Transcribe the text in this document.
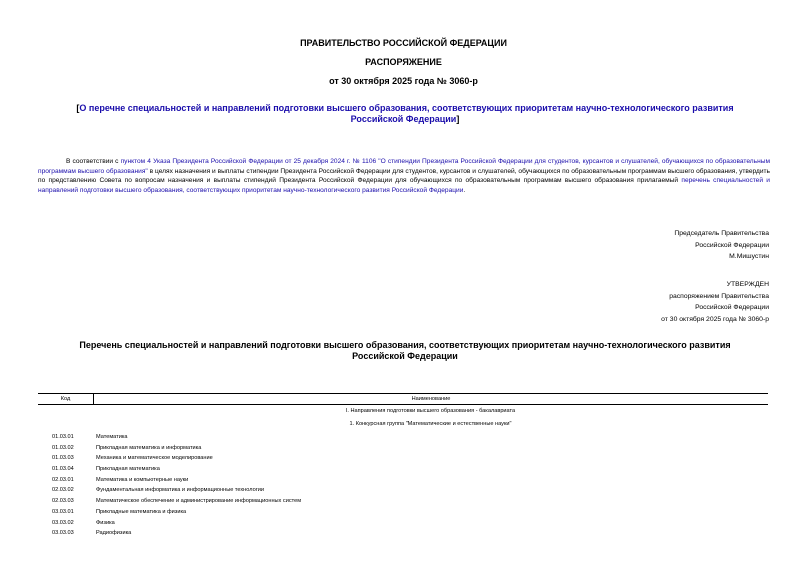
ПРАВИТЕЛЬСТВО РОССИЙСКОЙ ФЕДЕРАЦИИ
РАСПОРЯЖЕНИЕ
от 30 октября 2025 года № 3060-р
[О перечне специальностей и направлений подготовки высшего образования, соответствующих приоритетам научно-технологического развития Российской Федерации]
В соответствии с пунктом 4 Указа Президента Российской Федерации от 25 декабря 2024 г. № 1106 "О стипендии Президента Российской Федерации для студентов, курсантов и слушателей, обучающихся по образовательным программам высшего образования" в целях назначения и выплаты стипендии Президента Российской Федерации для студентов, курсантов и слушателей, обучающихся по образовательным программам высшего образования, утвердить по представлению Совета по вопросам назначения и выплаты стипендий Президента Российской Федерации для обучающихся по образовательным программам высшего образования прилагаемый перечень специальностей и направлений подготовки высшего образования, соответствующих приоритетам научно-технологического развития Российской Федерации.
Председатель Правительства
Российской Федерации
М.Мишустин
УТВЕРЖДЕН
распоряжением Правительства
Российской Федерации
от 30 октября 2025 года № 3060-р
Перечень специальностей и направлений подготовки высшего образования, соответствующих приоритетам научно-технологического развития Российской Федерации
Код	Наименование
I. Направления подготовки высшего образования - бакалавриата
1. Конкурсная группа "Математические и естественные науки"
01.03.01	Математика
01.03.02	Прикладная математика и информатика
01.03.03	Механика и математическое моделирование
01.03.04	Прикладная математика
02.03.01	Математика и компьютерные науки
02.03.02	Фундаментальная информатика и информационные технологии
02.03.03	Математическое обеспечение и администрирование информационных систем
03.03.01	Прикладные математика и физика
03.03.02	Физика
03.03.03	Радиофизика
